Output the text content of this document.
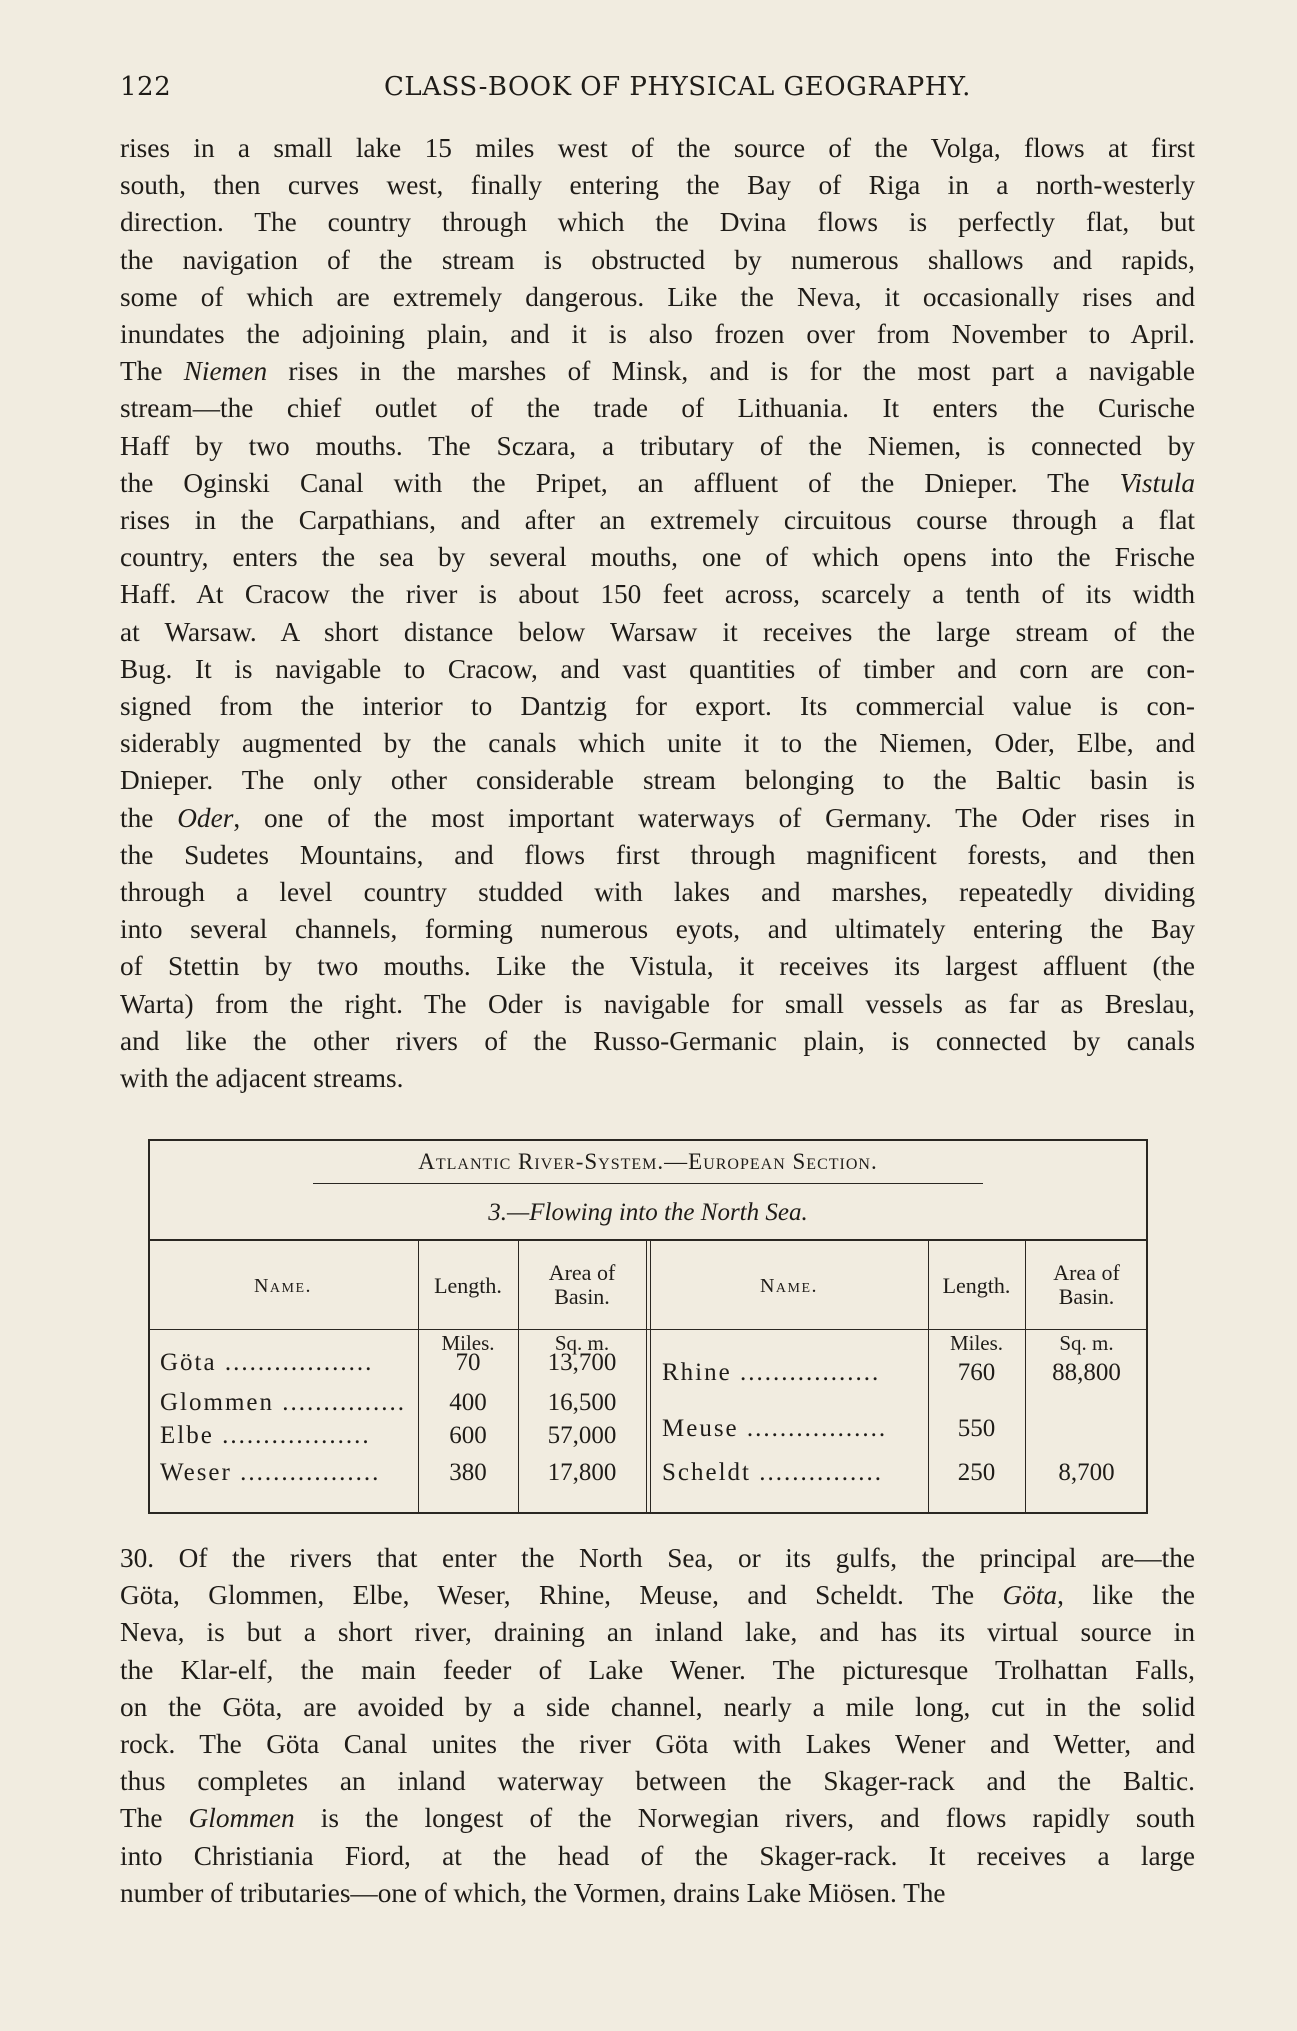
122	CLASS-BOOK OF PHYSICAL GEOGRAPHY.

rises in a small lake 15 miles west of the source of the Volga, flows at first
south, then curves west, finally entering the Bay of Riga in a north-westerly
direction. The country through which the Dvina flows is perfectly flat, but
the navigation of the stream is obstructed by numerous shallows and rapids,
some of which are extremely dangerous. Like the Neva, it occasionally rises and
inundates the adjoining plain, and it is also frozen over from November to April.
The Niemen rises in the marshes of Minsk, and is for the most part a navigable
stream—the chief outlet of the trade of Lithuania. It enters the Curische
Haff by two mouths. The Sczara, a tributary of the Niemen, is connected by
the Oginski Canal with the Pripet, an affluent of the Dnieper. The Vistula
rises in the Carpathians, and after an extremely circuitous course through a flat
country, enters the sea by several mouths, one of which opens into the Frische
Haff. At Cracow the river is about 150 feet across, scarcely a tenth of its width
at Warsaw. A short distance below Warsaw it receives the large stream of the
Bug. It is navigable to Cracow, and vast quantities of timber and corn are con-
signed from the interior to Dantzig for export. Its commercial value is con-
siderably augmented by the canals which unite it to the Niemen, Oder, Elbe, and
Dnieper. The only other considerable stream belonging to the Baltic basin is
the Oder, one of the most important waterways of Germany. The Oder rises in
the Sudetes Mountains, and flows first through magnificent forests, and then
through a level country studded with lakes and marshes, repeatedly dividing
into several channels, forming numerous eyots, and ultimately entering the Bay
of Stettin by two mouths. Like the Vistula, it receives its largest affluent (the
Warta) from the right. The Oder is navigable for small vessels as far as Breslau,
and like the other rivers of the Russo-Germanic plain, is connected by canals
with the adjacent streams.

Atlantic River-System.—European Section.
3.—Flowing into the North Sea.
Name.	Length.
Area of
Basin.	Name.	Length.
Area of
Basin.
Miles.	Sq. m.	Miles.	Sq. m.
Göta ..................	70	13,700
Glommen ...............	400	16,500
Elbe ..................	600	57,000
Weser .................	380	17,800
Rhine .................	760	88,800
Meuse .................	550
Scheldt ...............	250	8,700

30. Of the rivers that enter the North Sea, or its gulfs, the principal are—the
Göta, Glommen, Elbe, Weser, Rhine, Meuse, and Scheldt. The Göta, like the
Neva, is but a short river, draining an inland lake, and has its virtual source in
the Klar-elf, the main feeder of Lake Wener. The picturesque Trolhattan Falls,
on the Göta, are avoided by a side channel, nearly a mile long, cut in the solid
rock. The Göta Canal unites the river Göta with Lakes Wener and Wetter, and
thus completes an inland waterway between the Skager-rack and the Baltic.
The Glommen is the longest of the Norwegian rivers, and flows rapidly south
into Christiania Fiord, at the head of the Skager-rack. It receives a large
number of tributaries—one of which, the Vormen, drains Lake Miösen. The
